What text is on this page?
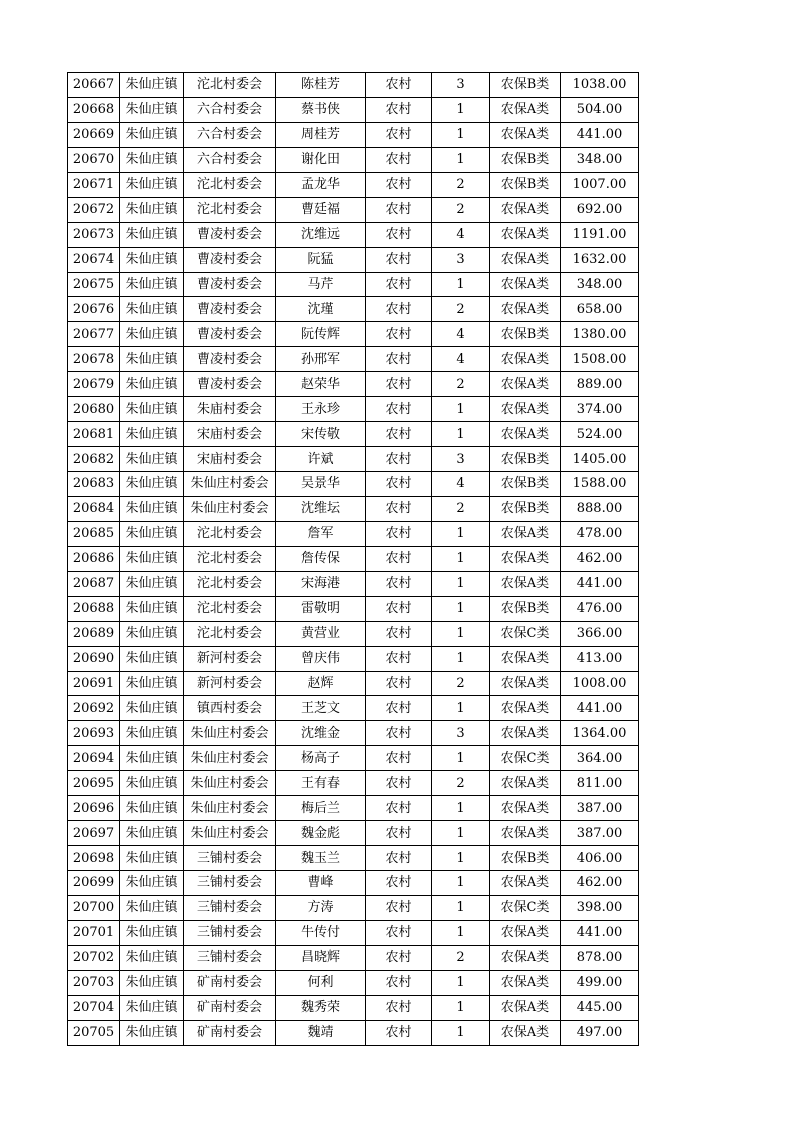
20667	朱仙庄镇	沱北村委会	陈桂芳	农村	3	农保B类	1038.00
20668	朱仙庄镇	六合村委会	蔡书侠	农村	1	农保A类	504.00
20669	朱仙庄镇	六合村委会	周桂芳	农村	1	农保A类	441.00
20670	朱仙庄镇	六合村委会	谢化田	农村	1	农保B类	348.00
20671	朱仙庄镇	沱北村委会	孟龙华	农村	2	农保B类	1007.00
20672	朱仙庄镇	沱北村委会	曹廷福	农村	2	农保A类	692.00
20673	朱仙庄镇	曹凌村委会	沈维远	农村	4	农保A类	1191.00
20674	朱仙庄镇	曹凌村委会	阮猛	农村	3	农保A类	1632.00
20675	朱仙庄镇	曹凌村委会	马芹	农村	1	农保A类	348.00
20676	朱仙庄镇	曹凌村委会	沈瑾	农村	2	农保A类	658.00
20677	朱仙庄镇	曹凌村委会	阮传辉	农村	4	农保B类	1380.00
20678	朱仙庄镇	曹凌村委会	孙邢军	农村	4	农保A类	1508.00
20679	朱仙庄镇	曹凌村委会	赵荣华	农村	2	农保A类	889.00
20680	朱仙庄镇	朱庙村委会	王永珍	农村	1	农保A类	374.00
20681	朱仙庄镇	宋庙村委会	宋传敬	农村	1	农保A类	524.00
20682	朱仙庄镇	宋庙村委会	许斌	农村	3	农保B类	1405.00
20683	朱仙庄镇	朱仙庄村委会	吴景华	农村	4	农保B类	1588.00
20684	朱仙庄镇	朱仙庄村委会	沈维坛	农村	2	农保B类	888.00
20685	朱仙庄镇	沱北村委会	詹军	农村	1	农保A类	478.00
20686	朱仙庄镇	沱北村委会	詹传保	农村	1	农保A类	462.00
20687	朱仙庄镇	沱北村委会	宋海港	农村	1	农保A类	441.00
20688	朱仙庄镇	沱北村委会	雷敬明	农村	1	农保B类	476.00
20689	朱仙庄镇	沱北村委会	黄营业	农村	1	农保C类	366.00
20690	朱仙庄镇	新河村委会	曾庆伟	农村	1	农保A类	413.00
20691	朱仙庄镇	新河村委会	赵辉	农村	2	农保A类	1008.00
20692	朱仙庄镇	镇西村委会	王芝文	农村	1	农保A类	441.00
20693	朱仙庄镇	朱仙庄村委会	沈维金	农村	3	农保A类	1364.00
20694	朱仙庄镇	朱仙庄村委会	杨高子	农村	1	农保C类	364.00
20695	朱仙庄镇	朱仙庄村委会	王有春	农村	2	农保A类	811.00
20696	朱仙庄镇	朱仙庄村委会	梅后兰	农村	1	农保A类	387.00
20697	朱仙庄镇	朱仙庄村委会	魏金彪	农村	1	农保A类	387.00
20698	朱仙庄镇	三铺村委会	魏玉兰	农村	1	农保B类	406.00
20699	朱仙庄镇	三铺村委会	曹峰	农村	1	农保A类	462.00
20700	朱仙庄镇	三铺村委会	方涛	农村	1	农保C类	398.00
20701	朱仙庄镇	三铺村委会	牛传付	农村	1	农保A类	441.00
20702	朱仙庄镇	三铺村委会	昌晓辉	农村	2	农保A类	878.00
20703	朱仙庄镇	矿南村委会	何利	农村	1	农保A类	499.00
20704	朱仙庄镇	矿南村委会	魏秀荣	农村	1	农保A类	445.00
20705	朱仙庄镇	矿南村委会	魏靖	农村	1	农保A类	497.00
